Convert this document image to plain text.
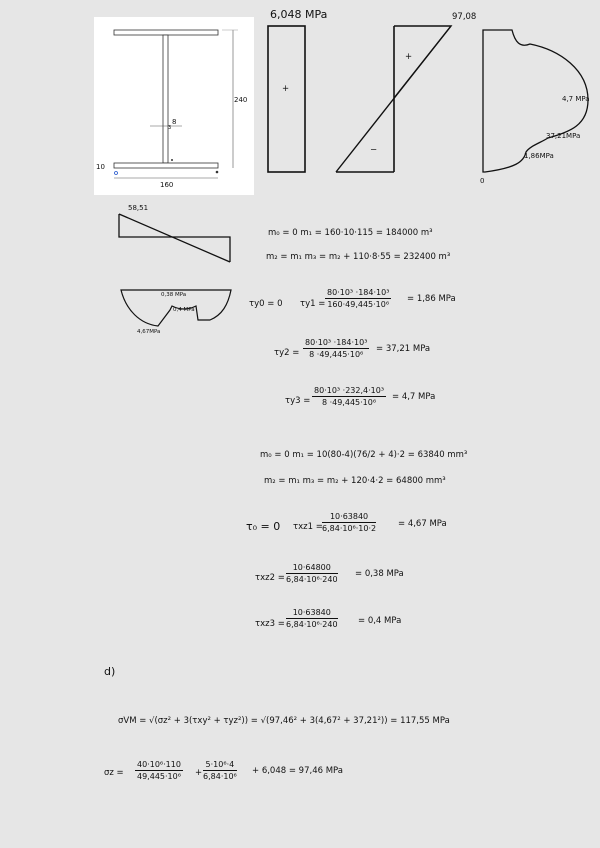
240
160
8
3
10
6,048 MPa
+
97,08
+
−
4,7 MPa
37,21MPa
1,86MPa
0
58,51
0,38 MPa
0,4 MPa
4,67MPa
m₀ = 0 m₁ = 160·10·115 = 184000 m³
m₂ = m₁ m₃ = m₂ + 110·8·55 = 232400 m³
τy0 = 0 $\tau y1 = \frac{\text{80·10³ ·184·10³}}{\text{160·49,445·10⁶}} = 1,86$ MPa
$\tau y2 = \frac{\text{80·10³ ·184·10³}}{\text{8 ·49,445·10⁶}} = 37,21$ MPa
$\tau y3 = \frac{\text{80·10³ ·232,4·10³}}{\text{8 ·49,445·10⁶}} = 4,7$ MPa
m₀ = 0 m₁ = 10(80-4)(76/2 + 4)·2 = 63840 mm³
m₂ = m₁ m₃ = m₂ + 120·4·2 = 64800 mm³
τ₀ = 0 $\tau xz1 = \frac{10\cdot 63840}{\text{6,84·10⁶·10·2}}$	= 4,67 MPa
$\tau xz2 = \frac{10\cdot 64800}{\text{6,84·10⁶·240}} = 0,38$ MPa
$\tau xz3 = \frac{10\cdot 63840}{\text{6,84·10⁶·240}} = 0,4$ MPa
d)
σVM = √(σz² + 3(τxy² + τyz²)) = √(97,46² + 3(4,67² + 37,21²)) = 117,55 MPa
$\sigma z = \frac{\text{40·10⁶·110}}{\text{49,445·10⁶}} + \frac{\text{5·10⁶·4}}{\text{6,84·10⁶}} + 6,048 = 97,46$ MPa
